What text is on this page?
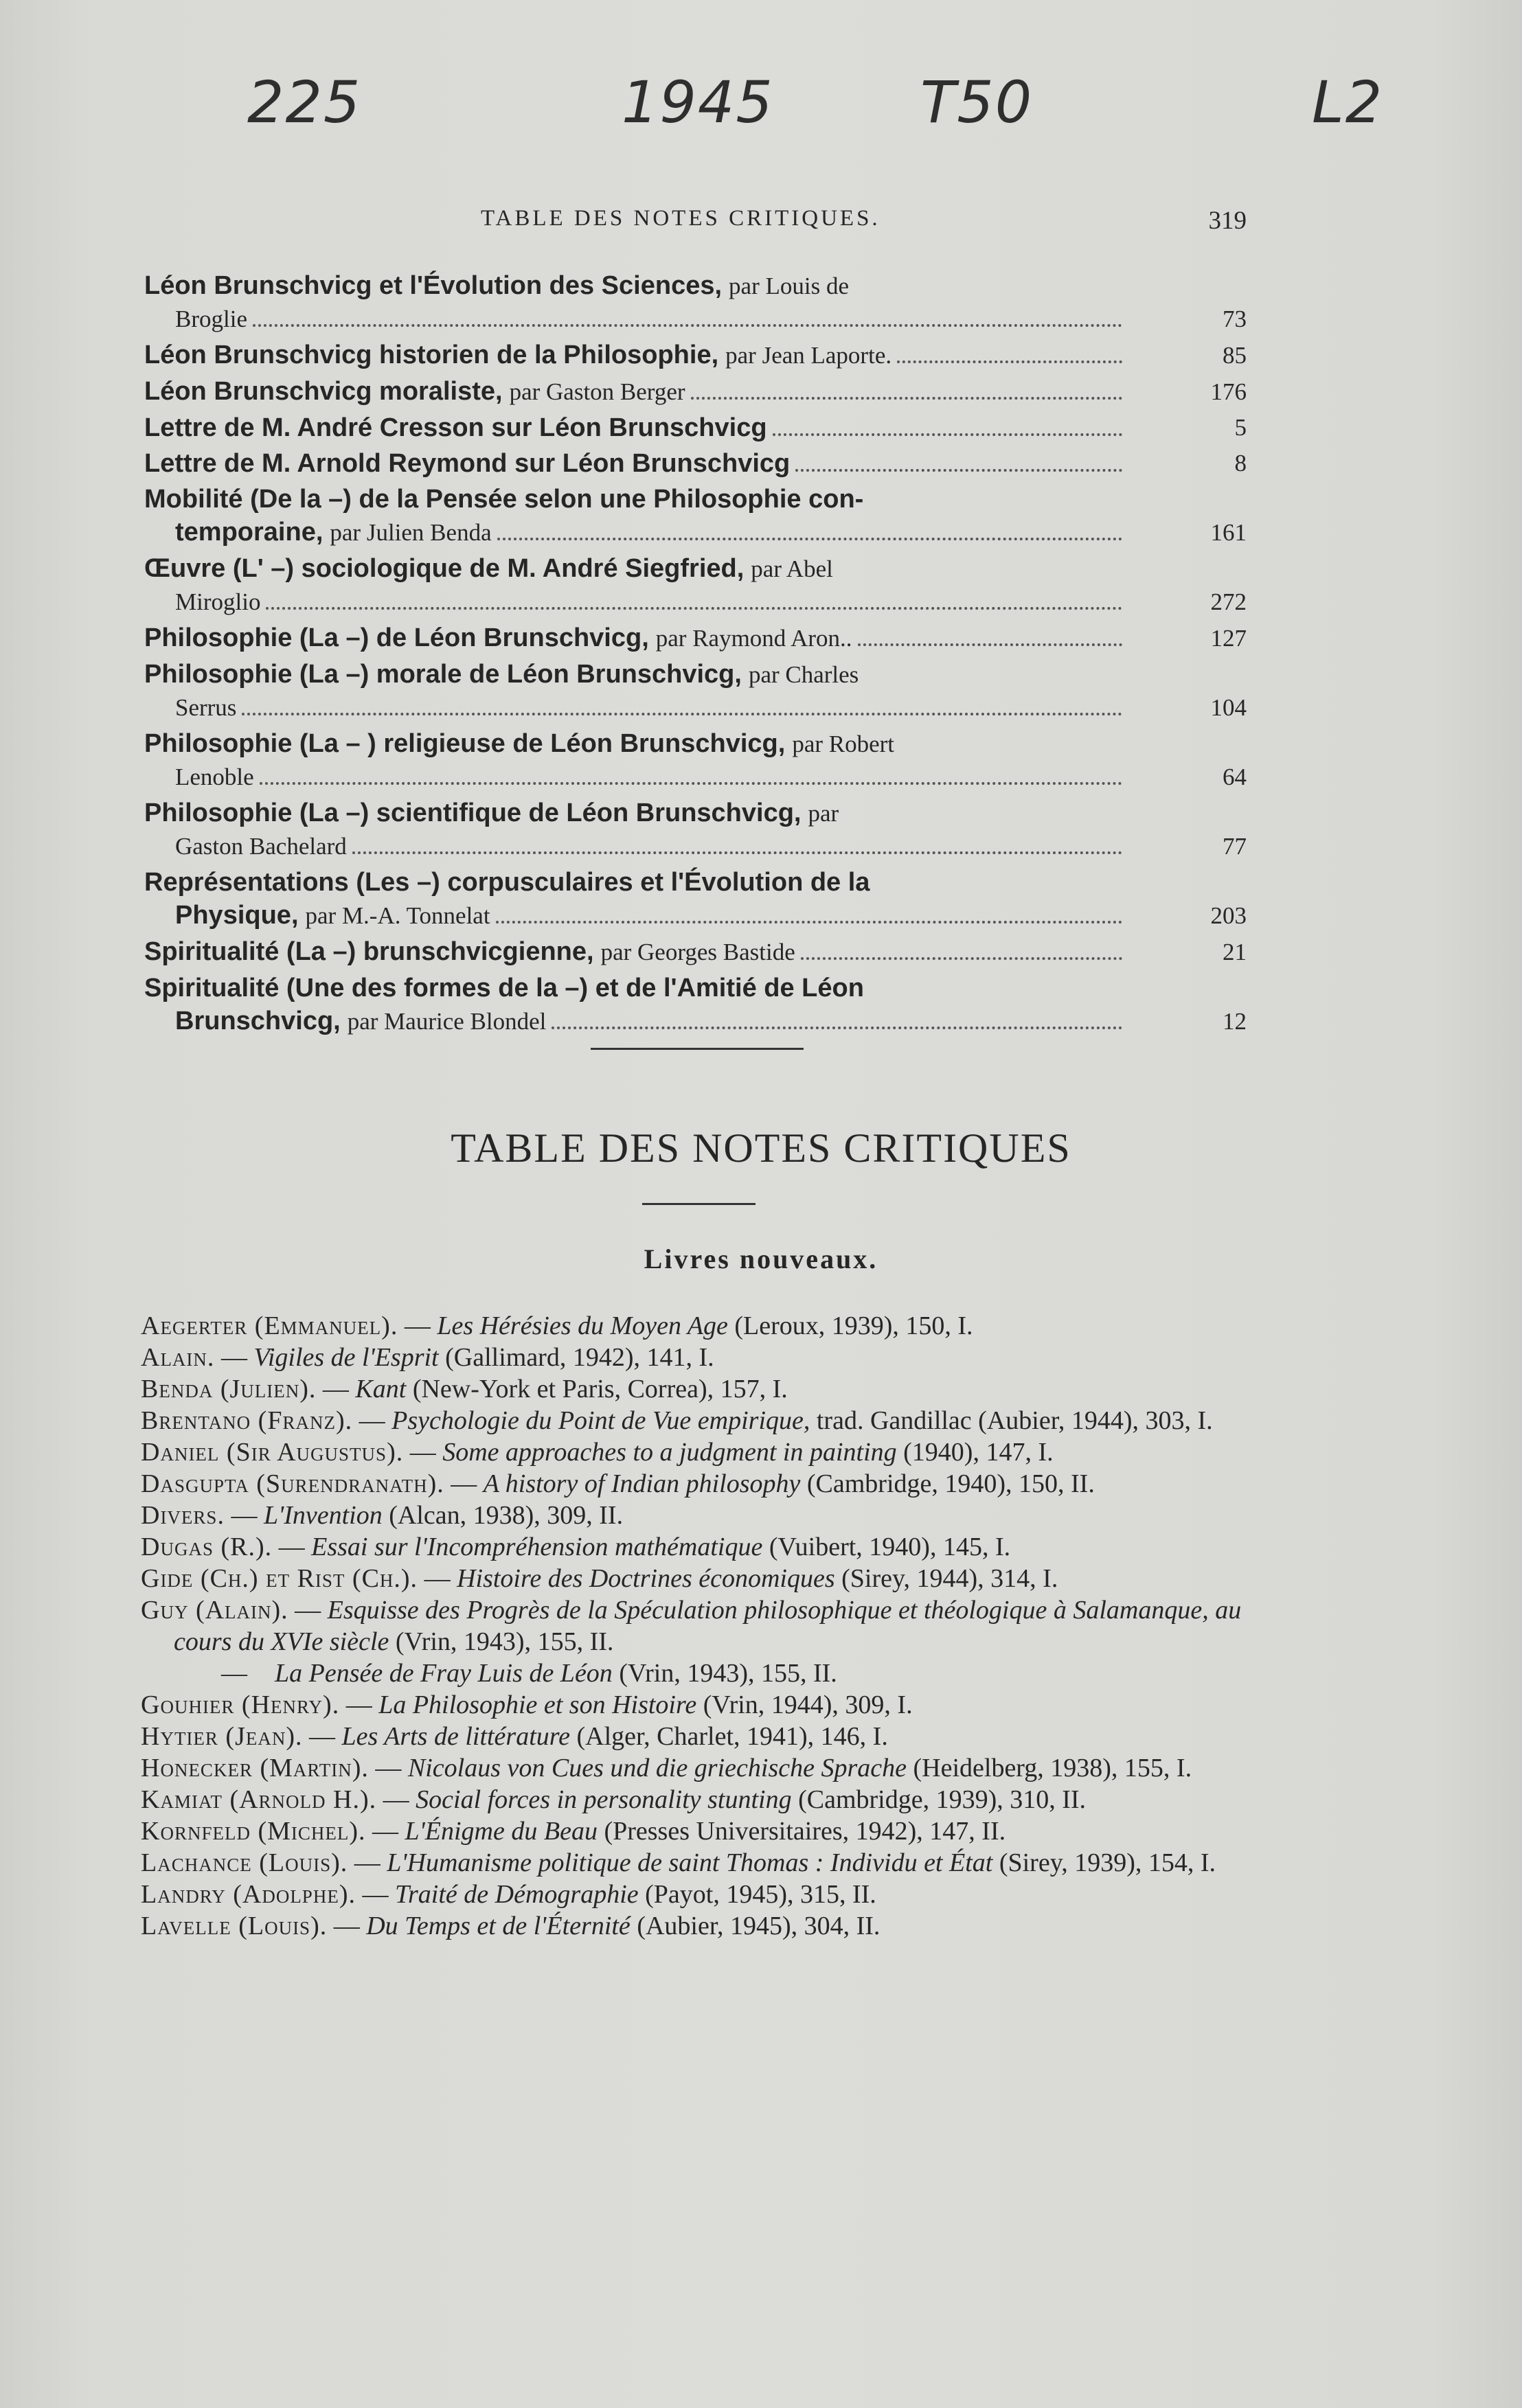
225	1945	T50	L2
TABLE DES NOTES CRITIQUES.	319
Léon Brunschvicg et l'Évolution des Sciences, par Louis de
Broglie	73
Léon Brunschvicg historien de la Philosophie, par Jean Laporte.	85
Léon Brunschvicg moraliste, par Gaston Berger	176
Lettre de M. André Cresson sur Léon Brunschvicg	5
Lettre de M. Arnold Reymond sur Léon Brunschvicg	8
Mobilité (De la –) de la Pensée selon une Philosophie con-
temporaine, par Julien Benda	161
Œuvre (L' –) sociologique de M. André Siegfried, par Abel
Miroglio	272
Philosophie (La –) de Léon Brunschvicg, par Raymond Aron..	127
Philosophie (La –) morale de Léon Brunschvicg, par Charles
Serrus	104
Philosophie (La – ) religieuse de Léon Brunschvicg, par Robert
Lenoble	64
Philosophie (La –) scientifique de Léon Brunschvicg, par
Gaston Bachelard	77
Représentations (Les –) corpusculaires et l'Évolution de la
Physique, par M.-A. Tonnelat	203
Spiritualité (La –) brunschvicgienne, par Georges Bastide	21
Spiritualité (Une des formes de la –) et de l'Amitié de Léon
Brunschvicg, par Maurice Blondel	12
TABLE DES NOTES CRITIQUES
Livres nouveaux.
Aegerter (Emmanuel). — Les Hérésies du Moyen Age (Leroux, 1939), 150, I.
Alain. — Vigiles de l'Esprit (Gallimard, 1942), 141, I.
Benda (Julien). — Kant (New-York et Paris, Correa), 157, I.
Brentano (Franz). — Psychologie du Point de Vue empirique, trad. Gandillac (Aubier, 1944), 303, I.
Daniel (Sir Augustus). — Some approaches to a judgment in painting (1940), 147, I.
Dasgupta (Surendranath). — A history of Indian philosophy (Cambridge, 1940), 150, II.
Divers. — L'Invention (Alcan, 1938), 309, II.
Dugas (R.). — Essai sur l'Incompréhension mathématique (Vuibert, 1940), 145, I.
Gide (Ch.) et Rist (Ch.). — Histoire des Doctrines économiques (Sirey, 1944), 314, I.
Guy (Alain). — Esquisse des Progrès de la Spéculation philosophique et théologique à Salamanque, au cours du XVIe siècle (Vrin, 1943), 155, II.
— La Pensée de Fray Luis de Léon (Vrin, 1943), 155, II.
Gouhier (Henry). — La Philosophie et son Histoire (Vrin, 1944), 309, I.
Hytier (Jean). — Les Arts de littérature (Alger, Charlet, 1941), 146, I.
Honecker (Martin). — Nicolaus von Cues und die griechische Sprache (Heidelberg, 1938), 155, I.
Kamiat (Arnold H.). — Social forces in personality stunting (Cambridge, 1939), 310, II.
Kornfeld (Michel). — L'Énigme du Beau (Presses Universitaires, 1942), 147, II.
Lachance (Louis). — L'Humanisme politique de saint Thomas : Individu et État (Sirey, 1939), 154, I.
Landry (Adolphe). — Traité de Démographie (Payot, 1945), 315, II.
Lavelle (Louis). — Du Temps et de l'Éternité (Aubier, 1945), 304, II.
